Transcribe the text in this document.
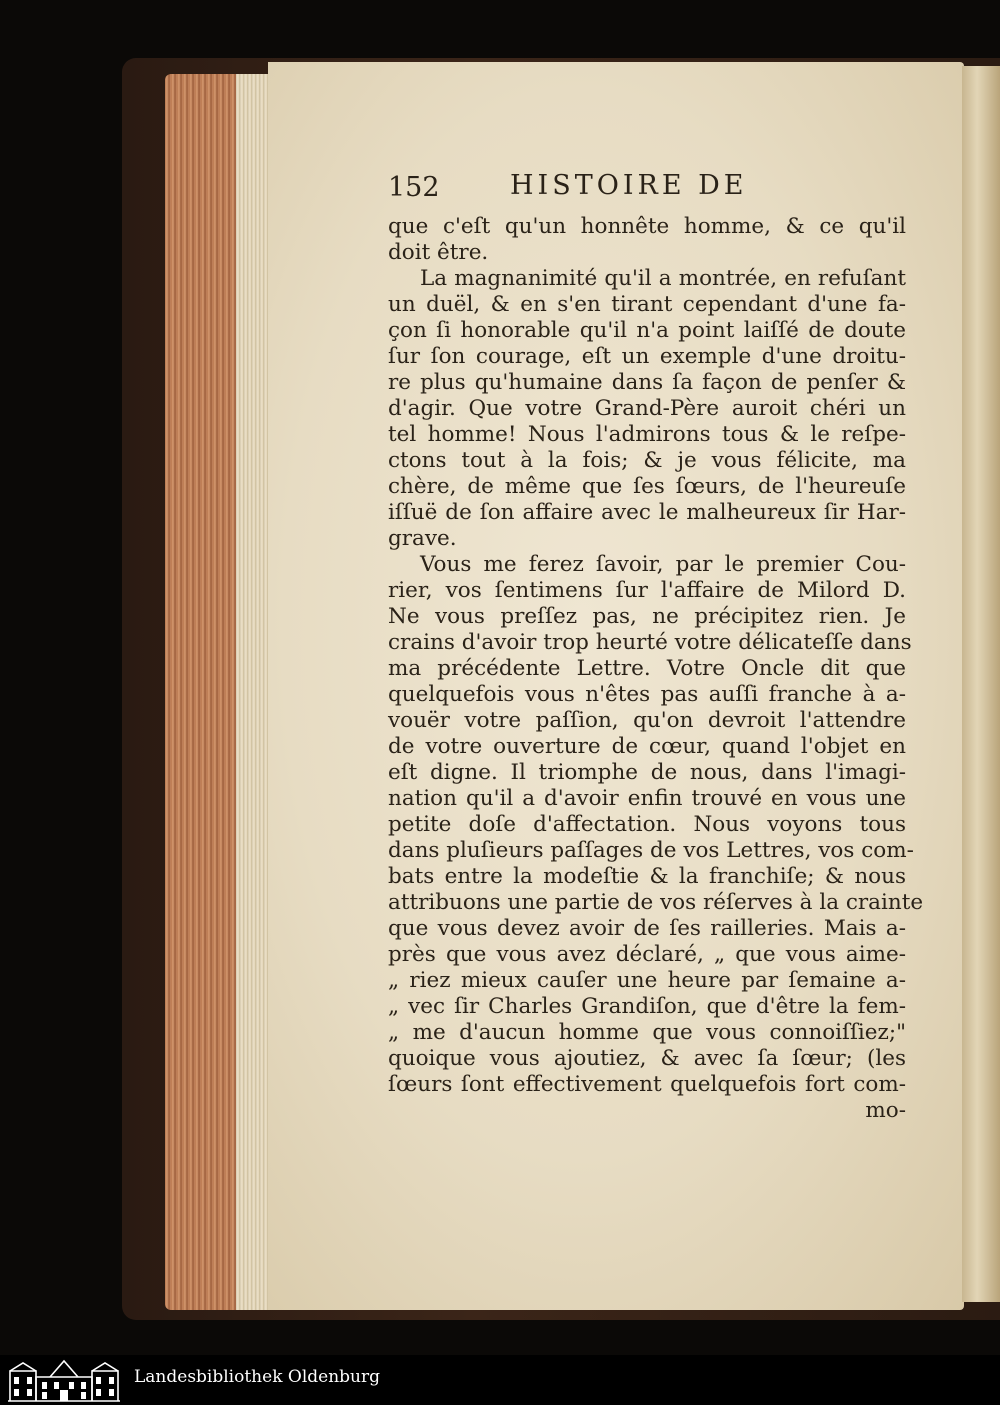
152	HISTOIRE DE
que c'eſt qu'un honnête homme, & ce qu'il
doit être.
La magnanimité qu'il a montrée, en refuſant
un duël, & en s'en tirant cependant d'une fa-
çon ſi honorable qu'il n'a point laiſſé de doute
ſur ſon courage, eſt un exemple d'une droitu-
re plus qu'humaine dans ſa façon de penſer &
d'agir. Que votre Grand-Père auroit chéri un
tel homme! Nous l'admirons tous & le reſpe-
ctons tout à la fois; & je vous félicite, ma
chère, de même que ſes ſœurs, de l'heureuſe
iſſuë de ſon affaire avec le malheureux ſir Har-
grave.
Vous me ferez ſavoir, par le premier Cou-
rier, vos ſentimens ſur l'affaire de Milord D.
Ne vous preſſez pas, ne précipitez rien. Je
crains d'avoir trop heurté votre délicateſſe dans
ma précédente Lettre. Votre Oncle dit que
quelquefois vous n'êtes pas auſſi franche à a-
vouër votre paſſion, qu'on devroit l'attendre
de votre ouverture de cœur, quand l'objet en
eſt digne. Il triomphe de nous, dans l'imagi-
nation qu'il a d'avoir enfin trouvé en vous une
petite doſe d'affectation. Nous voyons tous
dans pluſieurs paſſages de vos Lettres, vos com-
bats entre la modeſtie & la franchiſe; & nous
attribuons une partie de vos réſerves à la crainte
que vous devez avoir de ſes railleries. Mais a-
près que vous avez déclaré, „ que vous aime-
„ riez mieux cauſer une heure par ſemaine a-
„ vec ſir Charles Grandiſon, que d'être la fem-
„ me d'aucun homme que vous connoiſſiez;"
quoique vous ajoutiez, & avec ſa ſœur; (les
ſœurs ſont effectivement quelquefois fort com-
mo-
Landesbibliothek Oldenburg
